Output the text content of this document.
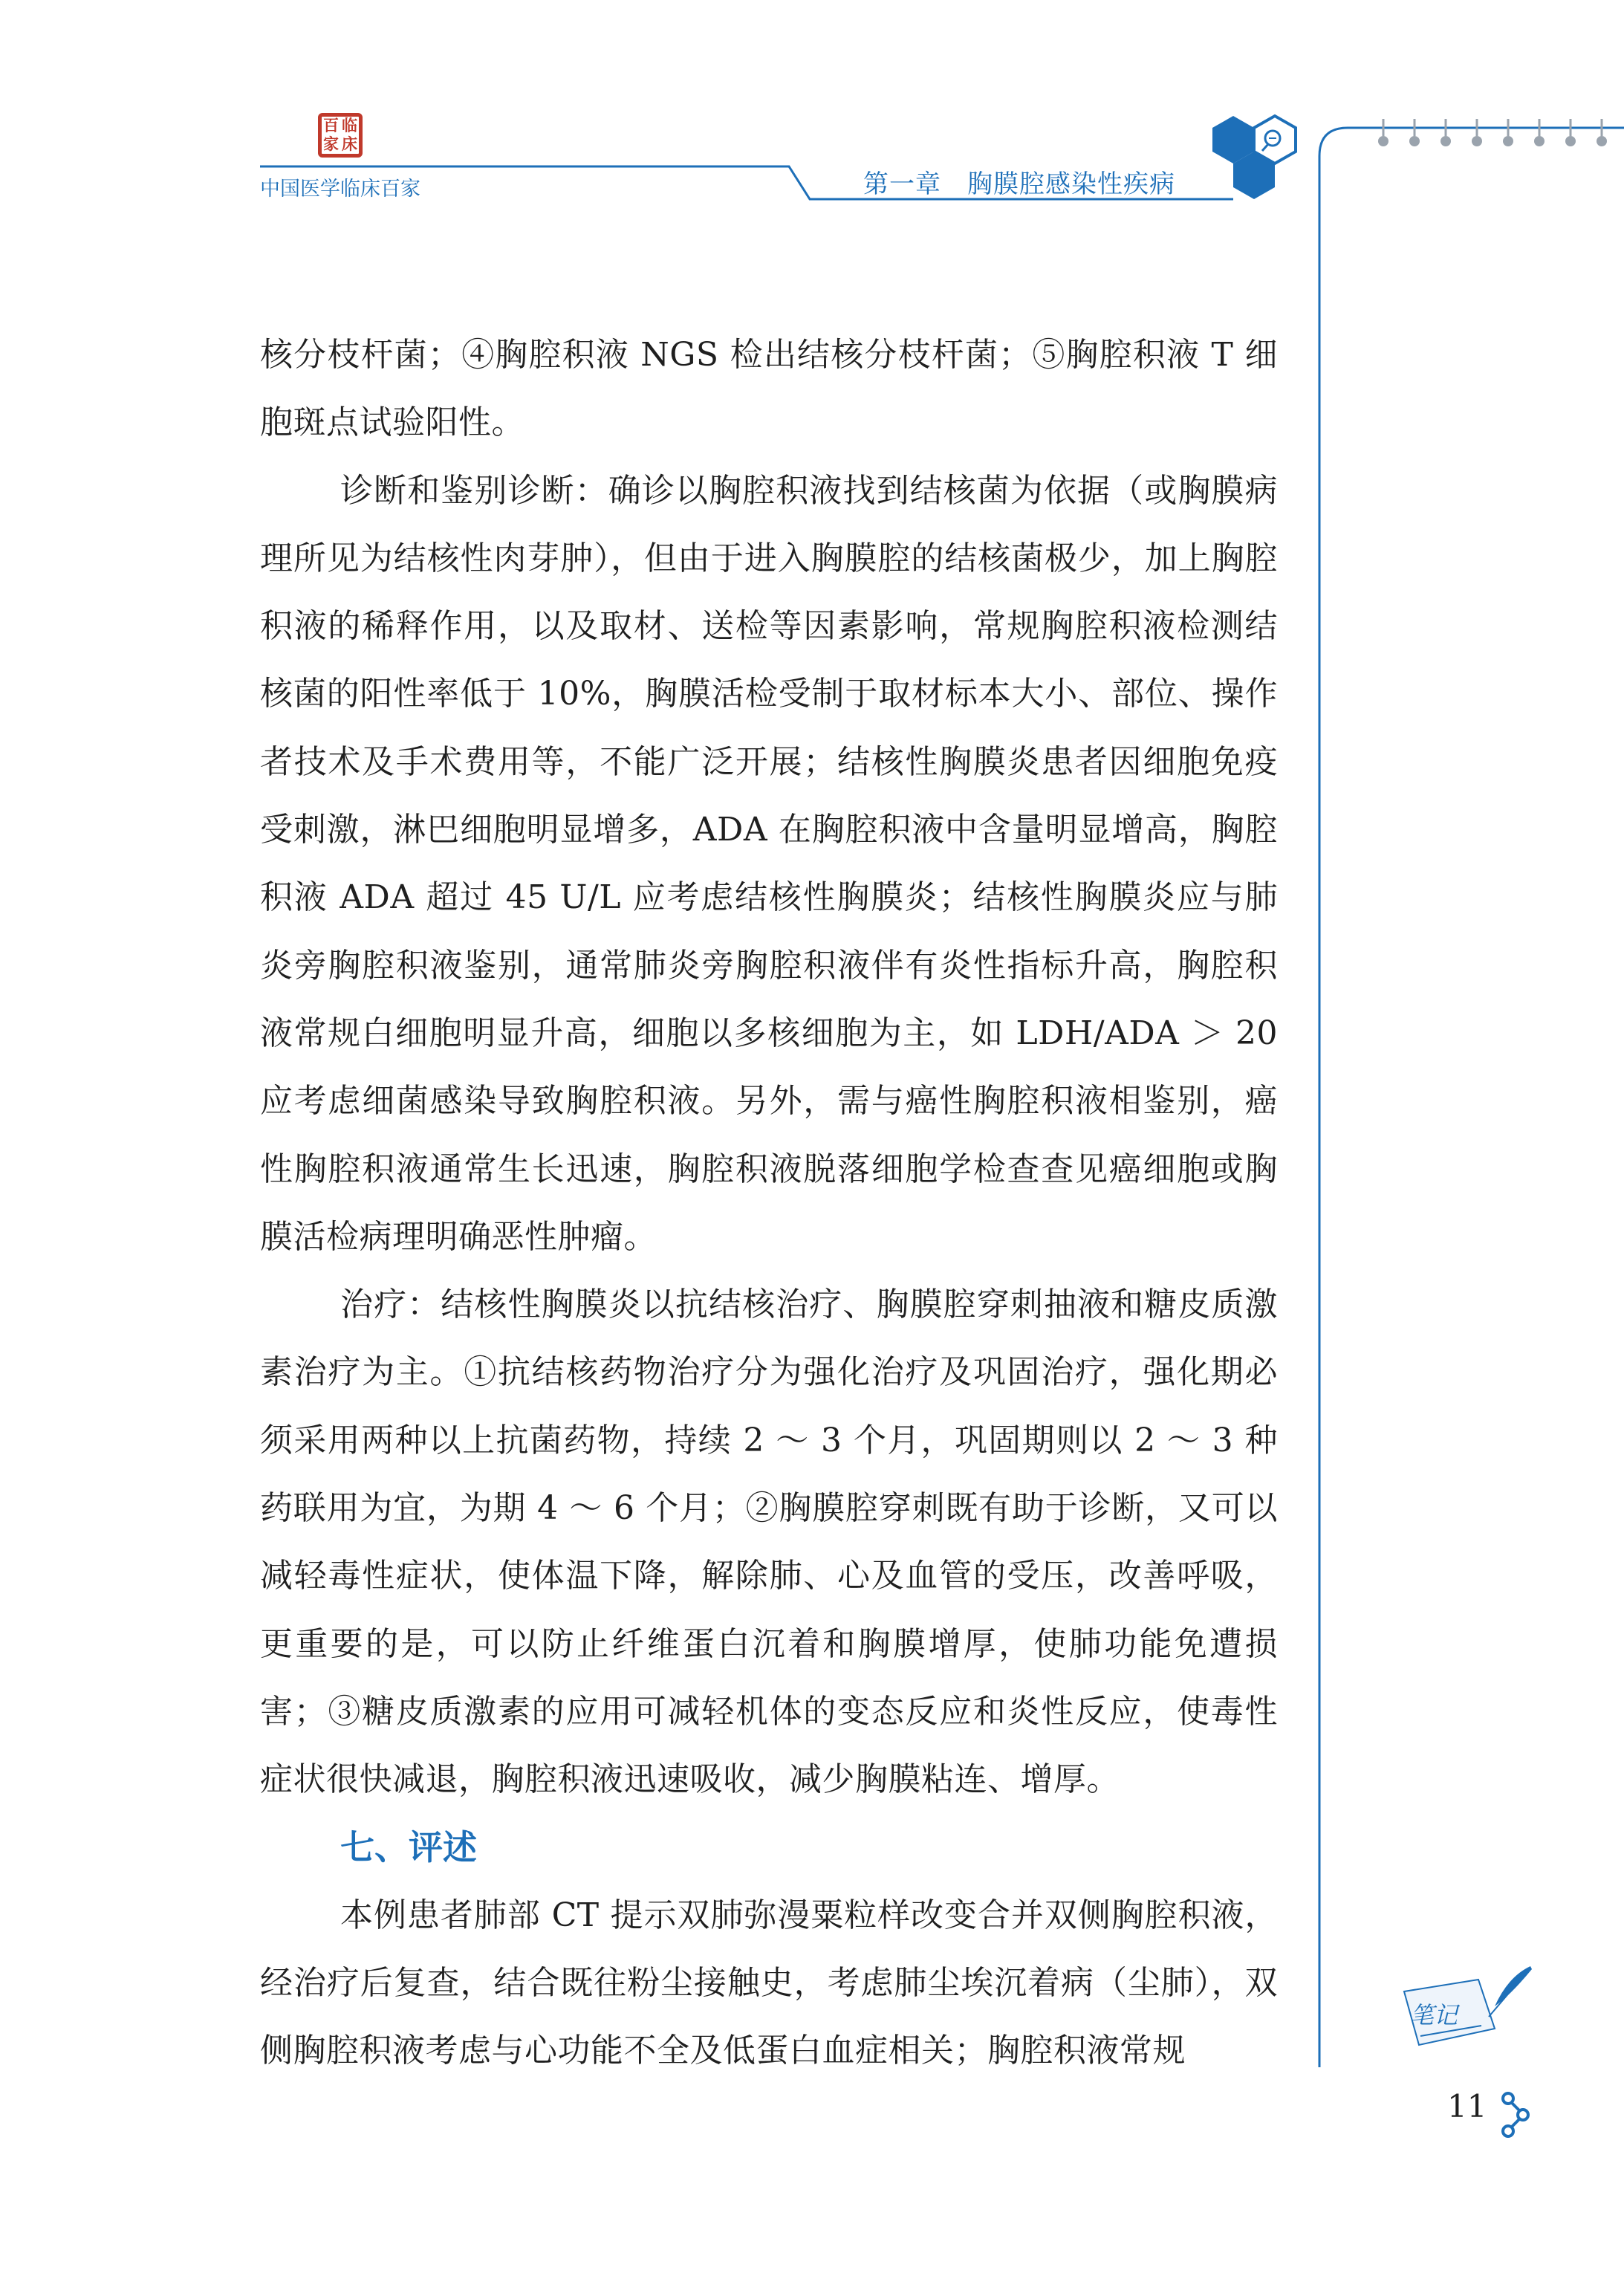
百 临
家 床
中国医学临床百家	第一章　胸膜腔感染性疾病

核分枝杆菌；④胸腔积液 NGS 检出结核分枝杆菌；⑤胸腔积液 T 细胞斑点试验阳性。

诊断和鉴别诊断：确诊以胸腔积液找到结核菌为依据（或胸膜病理所见为结核性肉芽肿），但由于进入胸膜腔的结核菌极少，加上胸腔积液的稀释作用，以及取材、送检等因素影响，常规胸腔积液检测结核菌的阳性率低于 10%，胸膜活检受制于取材标本大小、部位、操作者技术及手术费用等，不能广泛开展；结核性胸膜炎患者因细胞免疫受刺激，淋巴细胞明显增多，ADA 在胸腔积液中含量明显增高，胸腔积液 ADA 超过 45 U/L 应考虑结核性胸膜炎；结核性胸膜炎应与肺炎旁胸腔积液鉴别，通常肺炎旁胸腔积液伴有炎性指标升高，胸腔积液常规白细胞明显升高，细胞以多核细胞为主，如 LDH/ADA ＞ 20 应考虑细菌感染导致胸腔积液。另外，需与癌性胸腔积液相鉴别，癌性胸腔积液通常生长迅速，胸腔积液脱落细胞学检查查见癌细胞或胸膜活检病理明确恶性肿瘤。

治疗：结核性胸膜炎以抗结核治疗、胸膜腔穿刺抽液和糖皮质激素治疗为主。①抗结核药物治疗分为强化治疗及巩固治疗，强化期必须采用两种以上抗菌药物，持续 2 ～ 3 个月，巩固期则以 2 ～ 3 种药联用为宜，为期 4 ～ 6 个月；②胸膜腔穿刺既有助于诊断，又可以减轻毒性症状，使体温下降，解除肺、心及血管的受压，改善呼吸，更重要的是，可以防止纤维蛋白沉着和胸膜增厚，使肺功能免遭损害；③糖皮质激素的应用可减轻机体的变态反应和炎性反应，使毒性症状很快减退，胸腔积液迅速吸收，减少胸膜粘连、增厚。

七、评述

本例患者肺部 CT 提示双肺弥漫粟粒样改变合并双侧胸腔积液，经治疗后复查，结合既往粉尘接触史，考虑肺尘埃沉着病（尘肺），双侧胸腔积液考虑与心功能不全及低蛋白血症相关；胸腔积液常规

笔记
11
